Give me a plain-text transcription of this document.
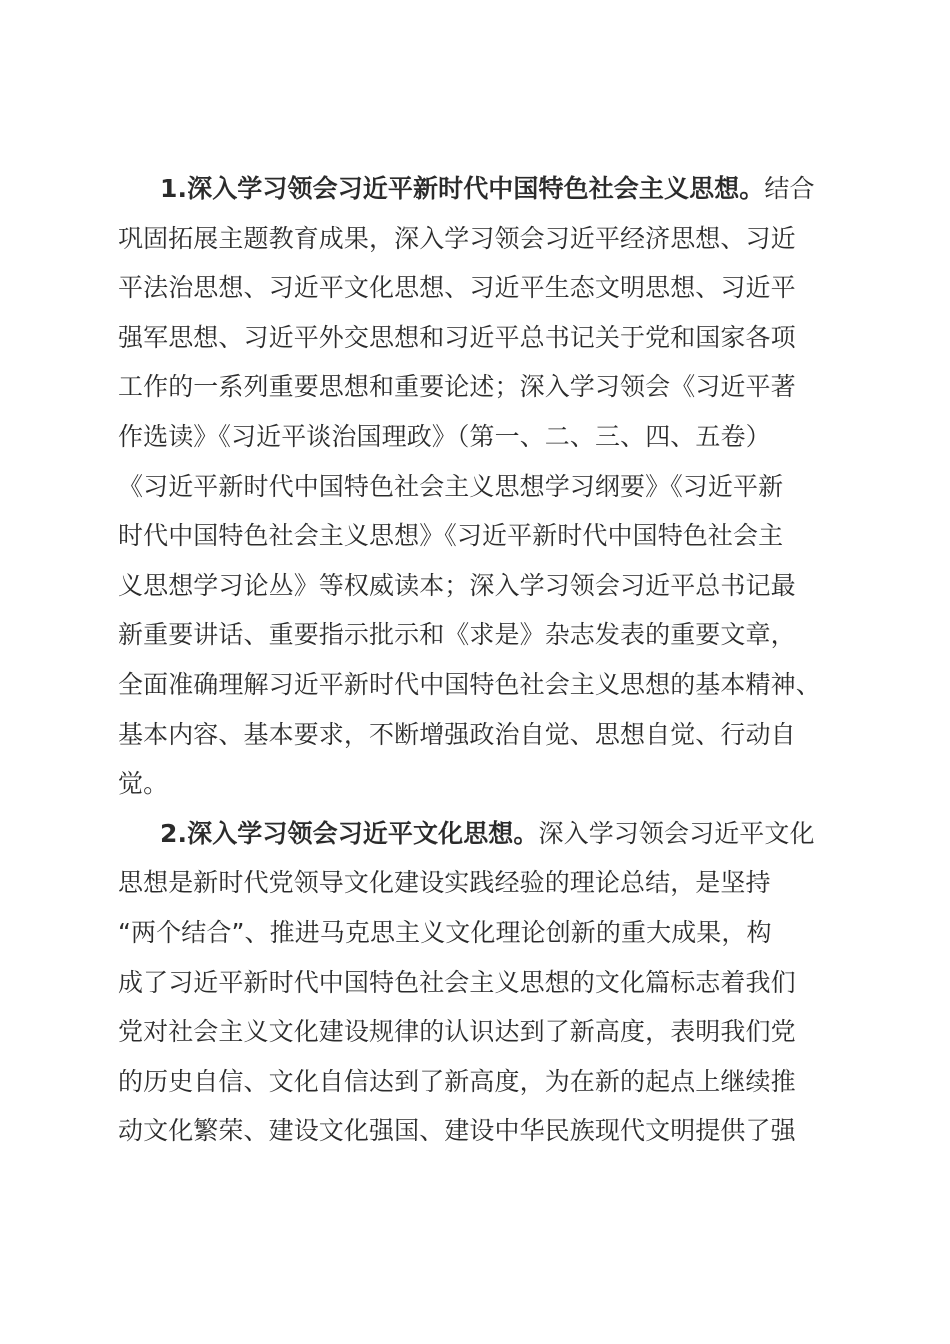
1.深入学习领会习近平新时代中国特色社会主义思想。结合
巩固拓展主题教育成果，深入学习领会习近平经济思想、习近
平法治思想、习近平文化思想、习近平生态文明思想、习近平
强军思想、习近平外交思想和习近平总书记关于党和国家各项
工作的一系列重要思想和重要论述；深入学习领会《习近平著
作选读》《习近平谈治国理政》（第一、二、三、四、五卷）
《习近平新时代中国特色社会主义思想学习纲要》《习近平新
时代中国特色社会主义思想》《习近平新时代中国特色社会主
义思想学习论丛》等权威读本；深入学习领会习近平总书记最
新重要讲话、重要指示批示和《求是》杂志发表的重要文章，
全面准确理解习近平新时代中国特色社会主义思想的基本精神、
基本内容、基本要求，不断增强政治自觉、思想自觉、行动自
觉。
2.深入学习领会习近平文化思想。深入学习领会习近平文化
思想是新时代党领导文化建设实践经验的理论总结，是坚持
“两个结合”、推进马克思主义文化理论创新的重大成果，构
成了习近平新时代中国特色社会主义思想的文化篇标志着我们
党对社会主义文化建设规律的认识达到了新高度，表明我们党
的历史自信、文化自信达到了新高度，为在新的起点上继续推
动文化繁荣、建设文化强国、建设中华民族现代文明提供了强
